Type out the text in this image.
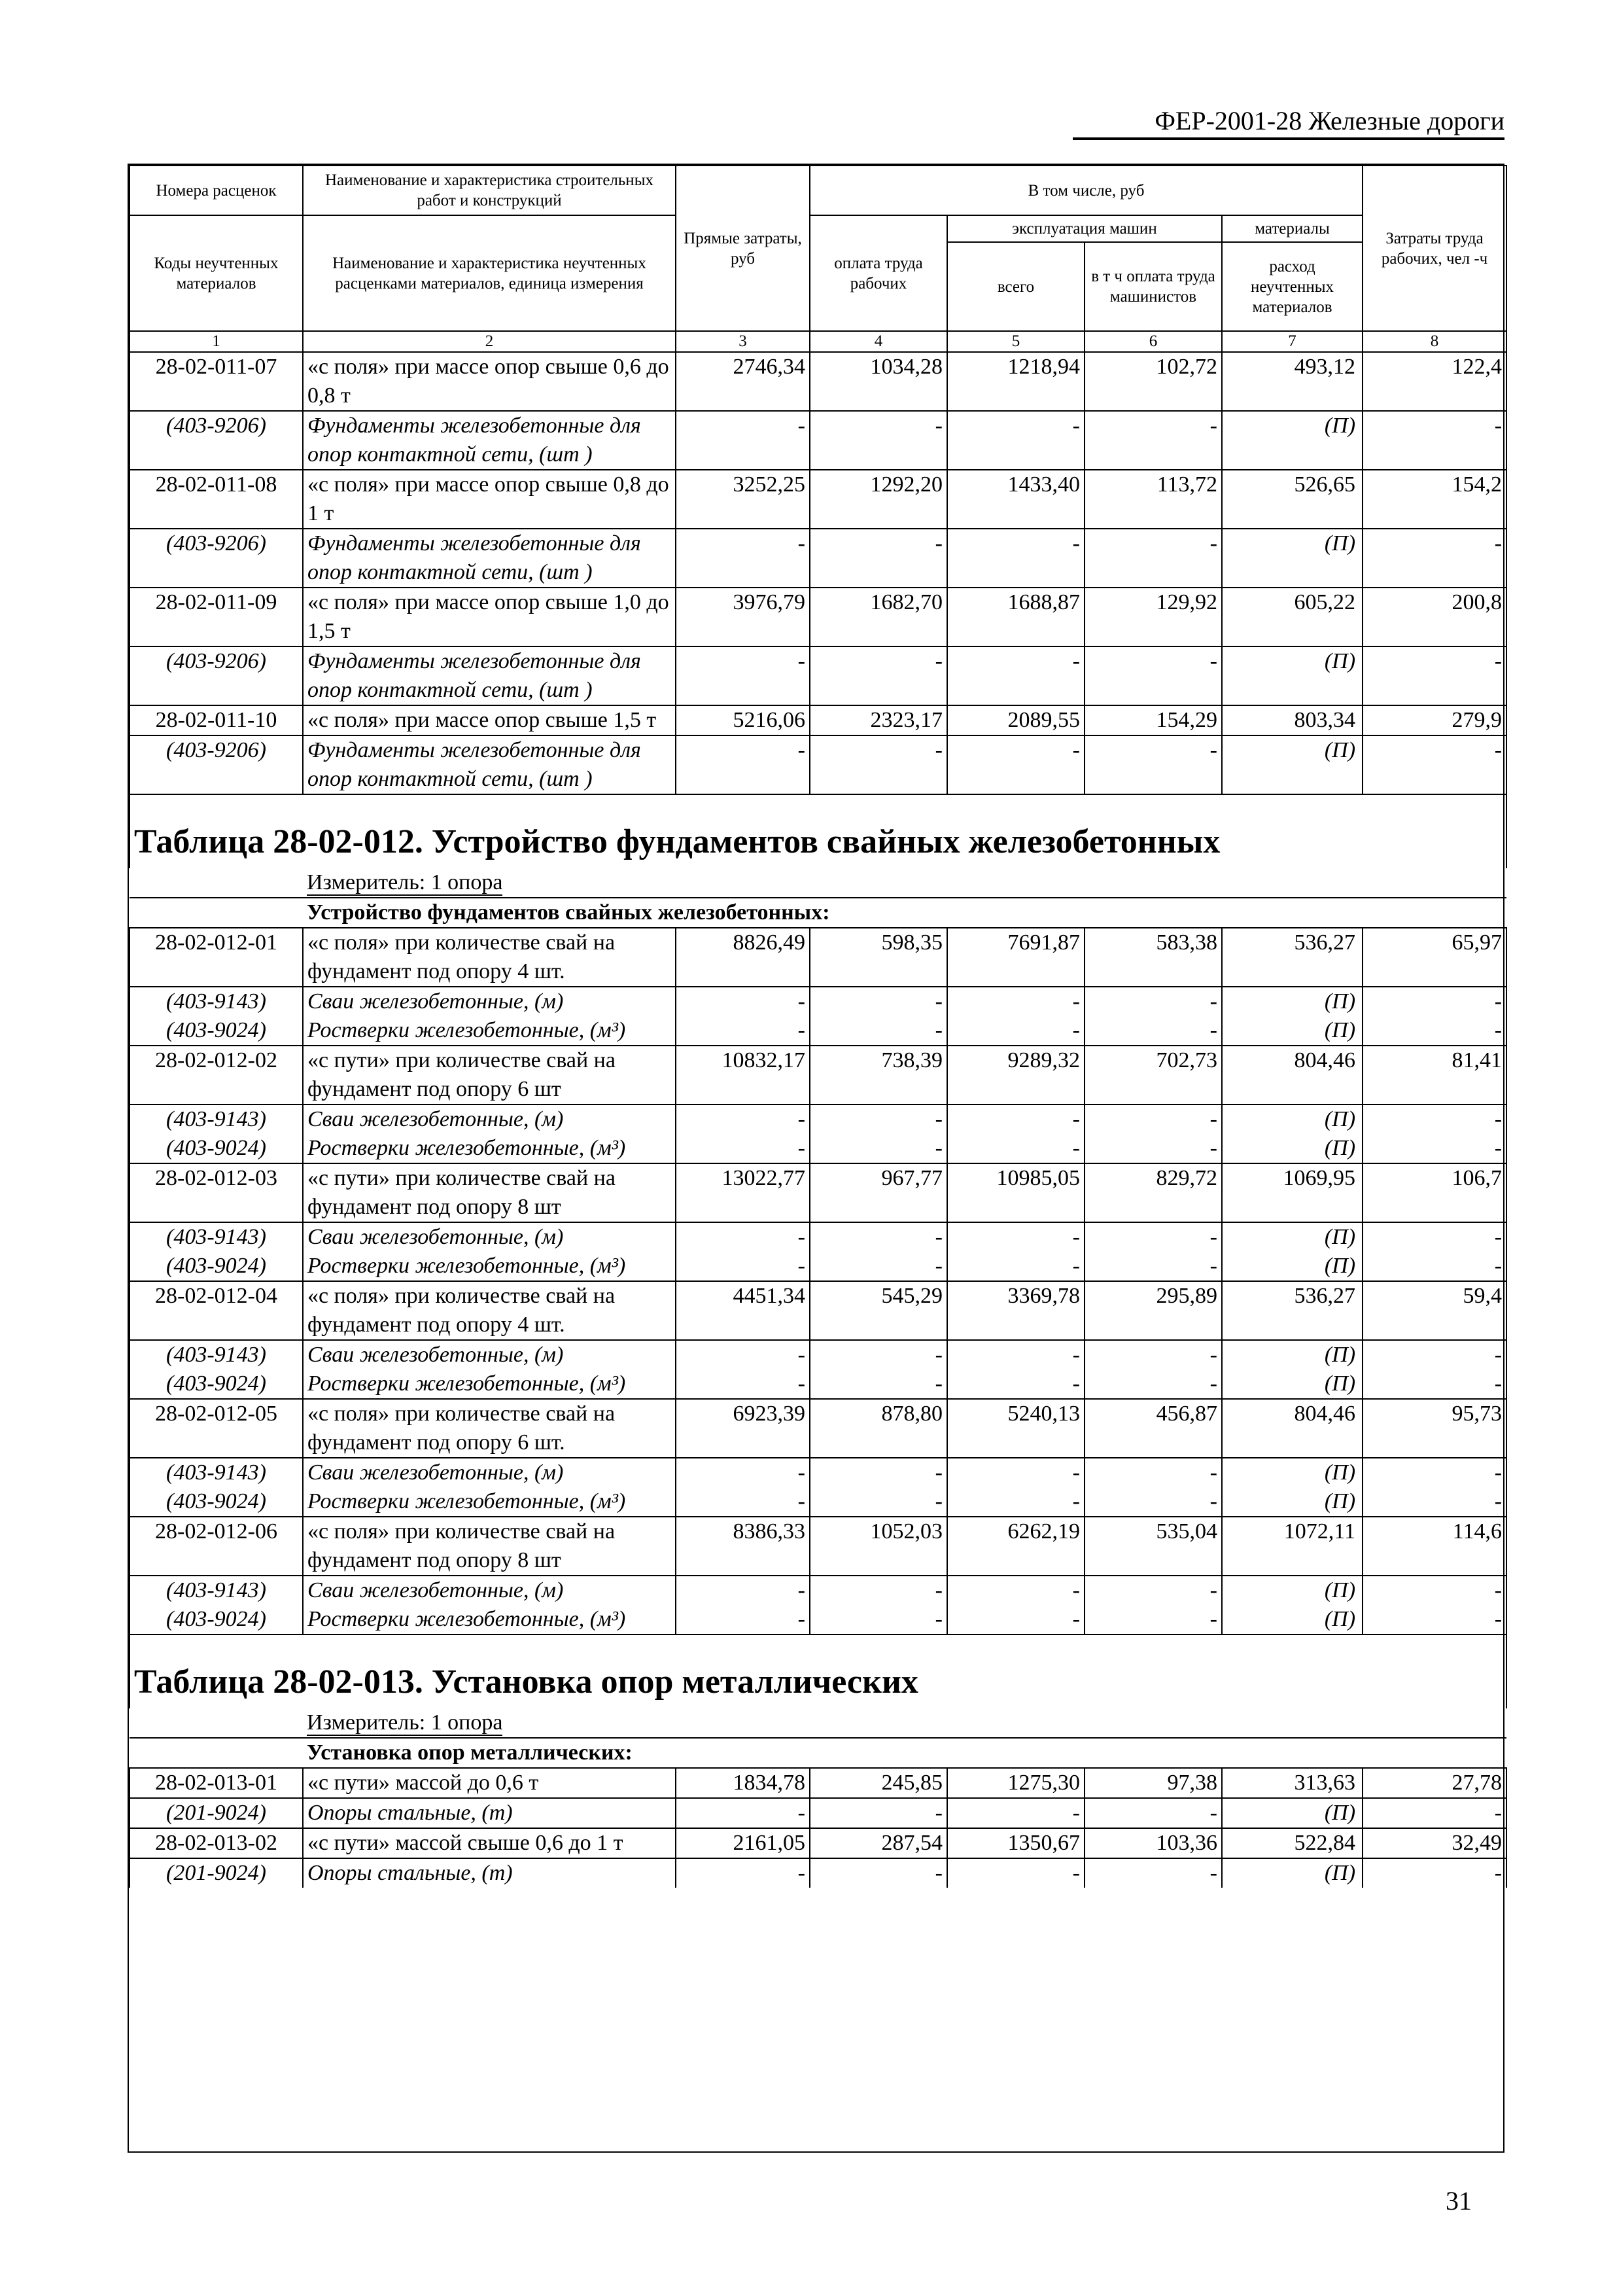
ФЕР-2001-28 Железные дороги
Номера расценок	Наименование и характеристика строительных работ и конструкций	Прямые затраты, руб	В том числе, руб				Затраты труда рабочих, чел -ч
Коды неучтенных материалов	Наименование и характеристика неучтенных расценками материалов, единица измерения		оплата труда рабочих	эксплуатация машин		материалы	
				всего	в т ч оплата труда машинистов	расход неучтенных материалов	
1	2	3	4	5	6	7	8
28-02-011-07	«с поля» при массе опор свыше 0,6 до 0,8 т	2746,34	1034,28	1218,94	102,72	493,12	122,4
(403-9206)	Фундаменты железобетонные для опор контактной сети, (шт )	-	-	-	-	(П)	-
28-02-011-08	«с поля» при массе опор свыше 0,8 до 1 т	3252,25	1292,20	1433,40	113,72	526,65	154,2
(403-9206)	Фундаменты железобетонные для опор контактной сети, (шт )	-	-	-	-	(П)	-
28-02-011-09	«с поля» при массе опор свыше 1,0 до 1,5 т	3976,79	1682,70	1688,87	129,92	605,22	200,8
(403-9206)	Фундаменты железобетонные для опор контактной сети, (шт )	-	-	-	-	(П)	-
28-02-011-10	«с поля» при массе опор свыше 1,5 т	5216,06	2323,17	2089,55	154,29	803,34	279,9
(403-9206)	Фундаменты железобетонные для опор контактной сети, (шт )	-	-	-	-	(П)	-
Таблица 28-02-012. Устройство фундаментов свайных железобетонных							
	Измеритель: 1 опора						
	Устройство фундаментов свайных железобетонных:						
28-02-012-01	«с поля» при количестве свай на фундамент под опору 4 шт.	8826,49	598,35	7691,87	583,38	536,27	65,97
(403-9143)	Сваи железобетонные, (м)	-	-	-	-	(П)	-
(403-9024)	Ростверки железобетонные, (м³)	-	-	-	-	(П)	-
28-02-012-02	«с пути» при количестве свай на фундамент под опору 6 шт	10832,17	738,39	9289,32	702,73	804,46	81,41
(403-9143)	Сваи железобетонные, (м)	-	-	-	-	(П)	-
(403-9024)	Ростверки железобетонные, (м³)	-	-	-	-	(П)	-
28-02-012-03	«с пути» при количестве свай на фундамент под опору 8 шт	13022,77	967,77	10985,05	829,72	1069,95	106,7
(403-9143)	Сваи железобетонные, (м)	-	-	-	-	(П)	-
(403-9024)	Ростверки железобетонные, (м³)	-	-	-	-	(П)	-
28-02-012-04	«с поля» при количестве свай на фундамент под опору 4 шт.	4451,34	545,29	3369,78	295,89	536,27	59,4
(403-9143)	Сваи железобетонные, (м)	-	-	-	-	(П)	-
(403-9024)	Ростверки железобетонные, (м³)	-	-	-	-	(П)	-
28-02-012-05	«с поля» при количестве свай на фундамент под опору 6 шт.	6923,39	878,80	5240,13	456,87	804,46	95,73
(403-9143)	Сваи железобетонные, (м)	-	-	-	-	(П)	-
(403-9024)	Ростверки железобетонные, (м³)	-	-	-	-	(П)	-
28-02-012-06	«с поля» при количестве свай на фундамент под опору 8 шт	8386,33	1052,03	6262,19	535,04	1072,11	114,6
(403-9143)	Сваи железобетонные, (м)	-	-	-	-	(П)	-
(403-9024)	Ростверки железобетонные, (м³)	-	-	-	-	(П)	-
Таблица 28-02-013. Установка опор металлических							
	Измеритель: 1 опора						
	Установка опор металлических:						
28-02-013-01	«с пути» массой до 0,6 т	1834,78	245,85	1275,30	97,38	313,63	27,78
(201-9024)	Опоры стальные, (т)	-	-	-	-	(П)	-
28-02-013-02	«с пути» массой свыше 0,6 до 1 т	2161,05	287,54	1350,67	103,36	522,84	32,49
(201-9024)	Опоры стальные, (т)	-	-	-	-	(П)	-
31
